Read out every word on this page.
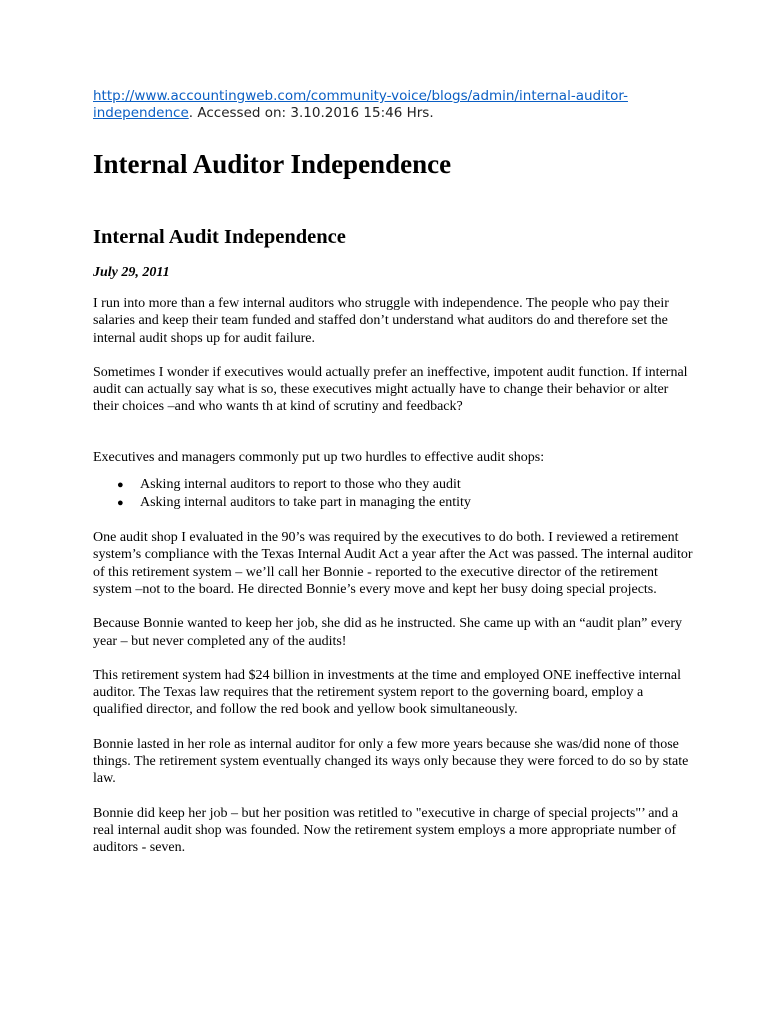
http://www.accountingweb.com/community-voice/blogs/admin/internal-auditor-
independence. Accessed on: 3.10.2016 15:46 Hrs.

Internal Auditor Independence
Internal Audit Independence

July 29, 2011

I run into more than a few internal auditors who struggle with independence. The people who pay their salaries and keep their team funded and staffed don’t understand what auditors do and therefore set the internal audit shops up for audit failure.

Sometimes I wonder if executives would actually prefer an ineffective, impotent audit function. If internal audit can actually say what is so, these executives might actually have to change their behavior or alter their choices –and who wants th at kind of scrutiny and feedback?

Executives and managers commonly put up two hurdles to effective audit shops:

● Asking internal auditors to report to those who they audit
● Asking internal auditors to take part in managing the entity

One audit shop I evaluated in the 90’s was required by the executives to do both. I reviewed a retirement system’s compliance with the Texas Internal Audit Act a year after the Act was passed. The internal auditor of this retirement system – we’ll call her Bonnie - reported to the executive director of the retirement system –not to the board. He directed Bonnie’s every move and kept her busy doing special projects.

Because Bonnie wanted to keep her job, she did as he instructed. She came up with an “audit plan” every year – but never completed any of the audits!

This retirement system had $24 billion in investments at the time and employed ONE ineffective internal auditor. The Texas law requires that the retirement system report to the governing board, employ a qualified director, and follow the red book and yellow book simultaneously.

Bonnie lasted in her role as internal auditor for only a few more years because she was/did none of those things. The retirement system eventually changed its ways only because they were forced to do so by state law.

Bonnie did keep her job – but her position was retitled to "executive in charge of special projects"’ and a real internal audit shop was founded. Now the retirement system employs a more appropriate number of auditors - seven.
